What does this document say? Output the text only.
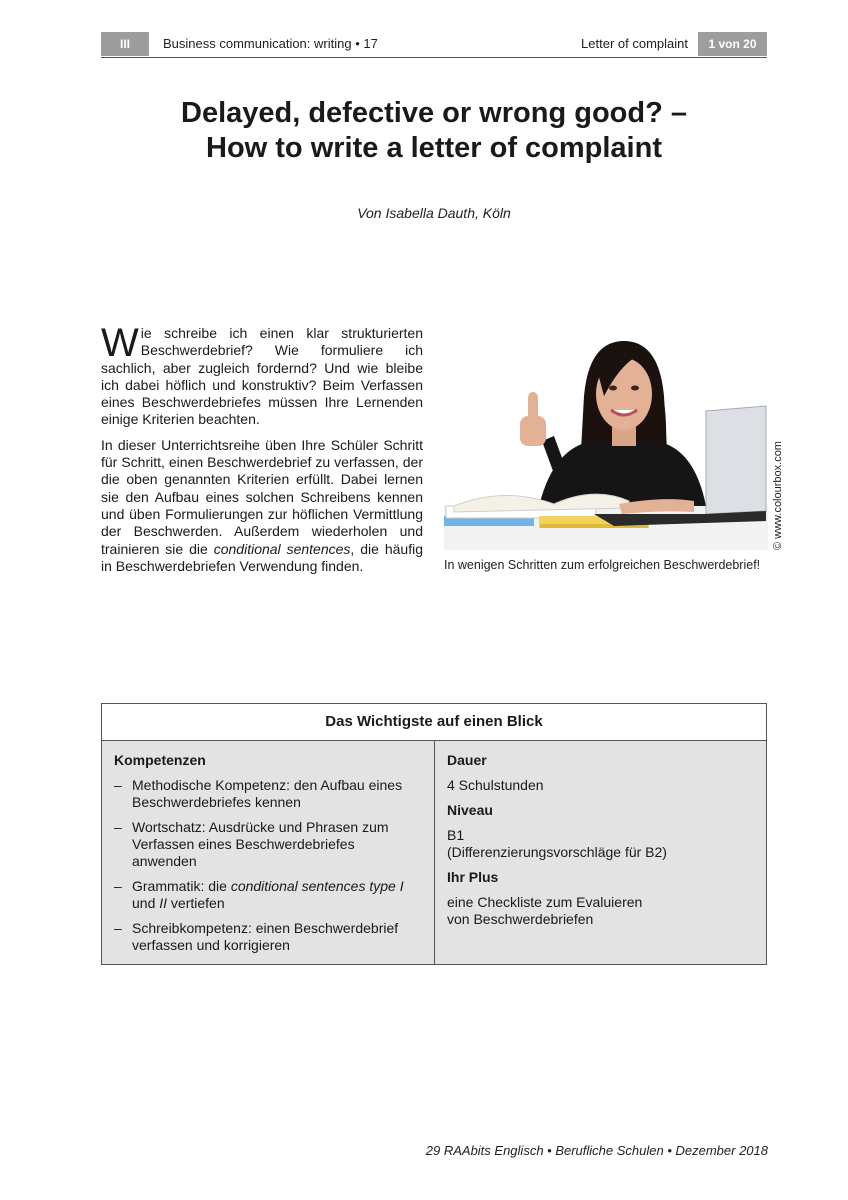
III	Business communication: writing • 17	Letter of complaint	1 von 20
Delayed, defective or wrong good? –
How to write a letter of complaint
Von Isabella Dauth, Köln

Wie schreibe ich einen klar strukturierten Beschwerdebrief? Wie formuliere ich sachlich, aber zugleich fordernd? Und wie bleibe ich dabei höflich und konstruktiv? Beim Verfassen eines Beschwerdebriefes müssen Ihre Lernenden einige Kriterien beachten.

In dieser Unterrichtsreihe üben Ihre Schüler Schritt für Schritt, einen Beschwerdebrief zu verfassen, der die oben genannten Kriterien erfüllt. Dabei lernen sie den Aufbau eines solchen Schreibens kennen und üben Formulierungen zur höflichen Vermittlung der Beschwerden. Außerdem wiederholen und trainieren sie die conditional sentences, die häufig in Beschwerdebriefen Verwendung finden.	In wenigen Schritten zum erfolgreichen Beschwerdebrief!
© www.colourbox.com
Das Wichtigste auf einen Blick
Kompetenzen
– Methodische Kompetenz: den Aufbau eines Beschwerdebriefes kennen
– Wortschatz: Ausdrücke und Phrasen zum Verfassen eines Beschwerdebriefes anwenden
– Grammatik: die conditional sentences type I und II vertiefen
– Schreibkompetenz: einen Beschwerdebrief verfassen und korrigieren
Dauer

4 Schulstunden

Niveau

B1
(Differenzierungsvorschläge für B2)

Ihr Plus

eine Checkliste zum Evaluieren
von Beschwerdebriefen

29 RAAbits Englisch • Berufliche Schulen • Dezember 2018
